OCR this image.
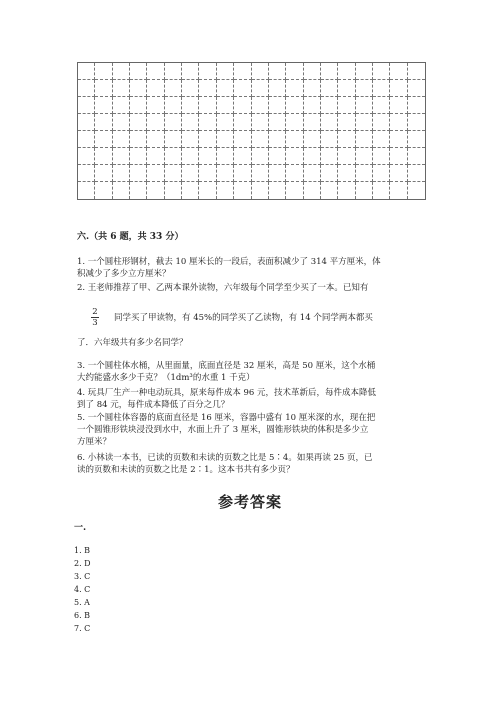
六.（共 6 题，共 33 分）
1. 一个圆柱形钢材，截去 10 厘米长的一段后，表面积减少了 314 平方厘米，体
积减少了多少立方厘米？
2. 王老师推荐了甲、乙两本课外读物，六年级每个同学至少买了一本。已知有
2
3 同学买了甲读物，有 45%的同学买了乙读物，有 14 个同学两本都买
了．六年级共有多少名同学？
3. 一个圆柱体水桶，从里面量，底面直径是 32 厘米，高是 50 厘米，这个水桶
大约能盛水多少千克？（1dm³的水重 1 千克）
4. 玩具厂生产一种电动玩具，原来每件成本 96 元，技术革新后，每件成本降低
到了 84 元，每件成本降低了百分之几？
5. 一个圆柱体容器的底面直径是 16 厘米，容器中盛有 10 厘米深的水，现在把
一个圆锥形铁块浸没到水中，水面上升了 3 厘米，圆锥形铁块的体积是多少立
方厘米？
6. 小林读一本书，已读的页数和未读的页数之比是 5∶4。如果再读 25 页，已
读的页数和未读的页数之比是 2∶1。这本书共有多少页？
参考答案
一.
1. B
2. D
3. C
4. C
5. A
6. B
7. C
